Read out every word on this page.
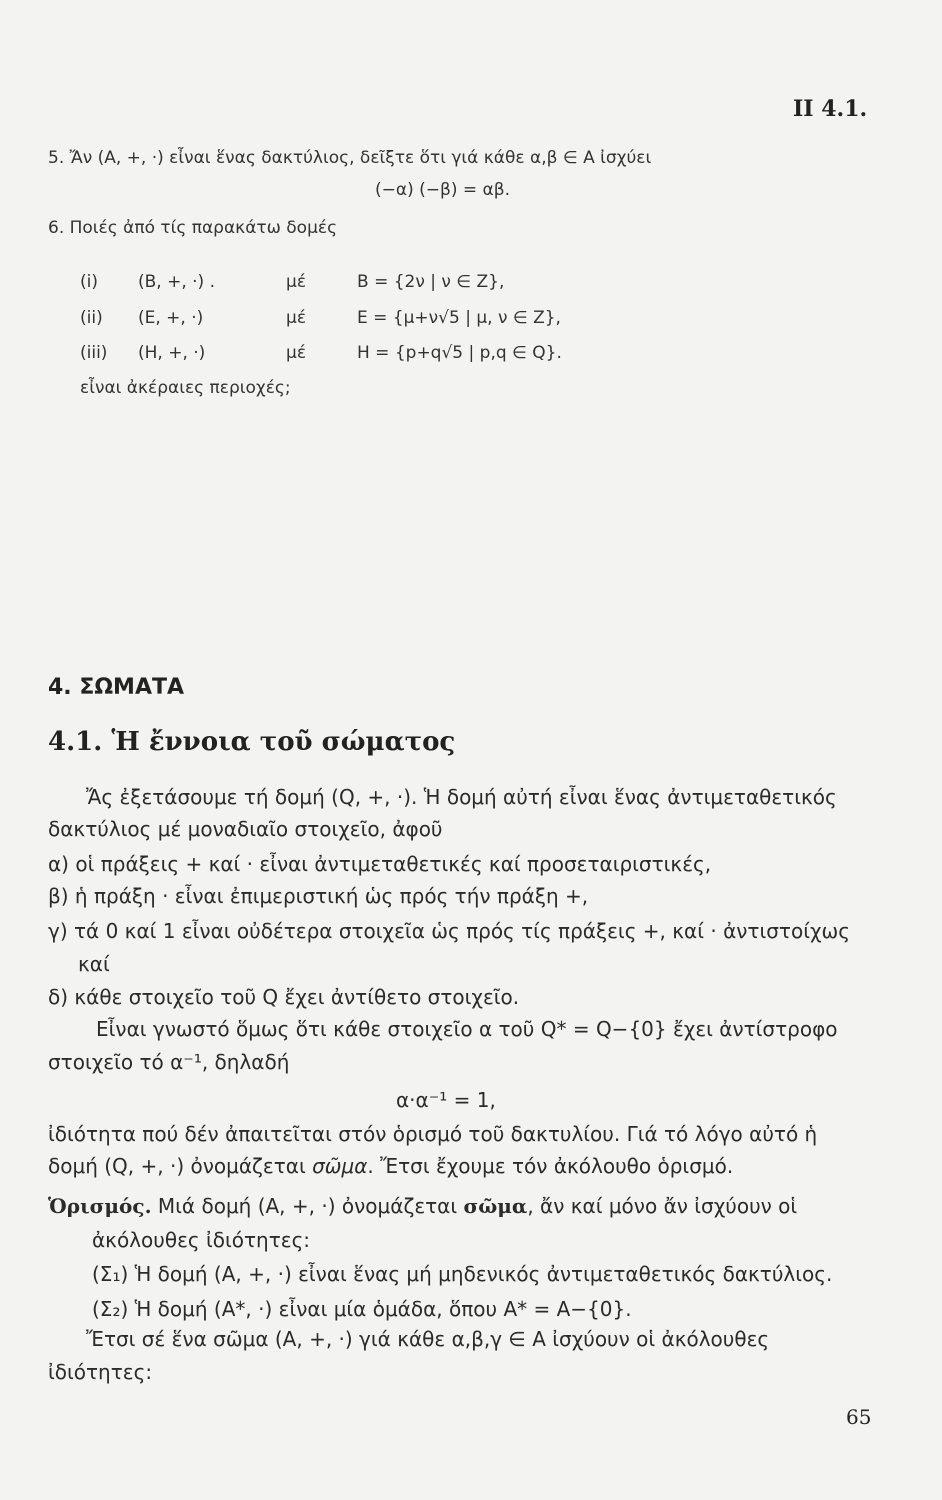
II 4.1.
5. Ἄν (A, +, ·) εἶναι ἕνας δακτύλιος, δεῖξτε ὅτι γιά κάθε α,β ∈ A ἰσχύει
(−α) (−β) = αβ.
6. Ποιές ἀπό τίς παρακάτω δομές
(i) (B, +, ·) .	μέ	B = {2ν | ν ∈ Z},
(ii) (E, +, ·)	μέ	E = {μ+ν√5 | μ, ν ∈ Z},
(iii) (H, +, ·)	μέ	H = {p+q√5 | p,q ∈ Q}.
εἶναι ἀκέραιες περιοχές;
4. ΣΩΜΑΤΑ
4.1. Ἡ ἔννοια τοῦ σώματος
Ἄς ἐξετάσουμε τή δομή (Q, +, ·). Ἡ δομή αὐτή εἶναι ἕνας ἀντιμεταθετικός
δακτύλιος μέ μοναδιαῖο στοιχεῖο, ἀφοῦ
α) οἱ πράξεις + καί · εἶναι ἀντιμεταθετικές καί προσεταιριστικές,
β) ἡ πράξη · εἶναι ἐπιμεριστική ὡς πρός τήν πράξη +,
γ) τά 0 καί 1 εἶναι οὐδέτερα στοιχεῖα ὡς πρός τίς πράξεις +, καί · ἀντιστοίχως
καί
δ) κάθε στοιχεῖο τοῦ Q ἔχει ἀντίθετο στοιχεῖο.
Εἶναι γνωστό ὅμως ὅτι κάθε στοιχεῖο α τοῦ Q* = Q−{0} ἔχει ἀντίστροφο
στοιχεῖο τό α⁻¹, δηλαδή
α·α⁻¹ = 1,
ἰδιότητα πού δέν ἀπαιτεῖται στόν ὁρισμό τοῦ δακτυλίου. Γιά τό λόγο αὐτό ἡ
δομή (Q, +, ·) ὀνομάζεται σῶμα. Ἔτσι ἔχουμε τόν ἀκόλουθο ὁρισμό.
Ὁρισμός. Μιά δομή (A, +, ·) ὀνομάζεται σῶμα, ἄν καί μόνο ἄν ἰσχύουν οἱ
ἀκόλουθες ἰδιότητες:
(Σ₁) Ἡ δομή (A, +, ·) εἶναι ἕνας μή μηδενικός ἀντιμεταθετικός δακτύλιος.
(Σ₂) Ἡ δομή (A*, ·) εἶναι μία ὁμάδα, ὅπου A* = A−{0}.
Ἔτσι σέ ἕνα σῶμα (A, +, ·) γιά κάθε α,β,γ ∈ A ἰσχύουν οἱ ἀκόλουθες
ἰδιότητες:
65
